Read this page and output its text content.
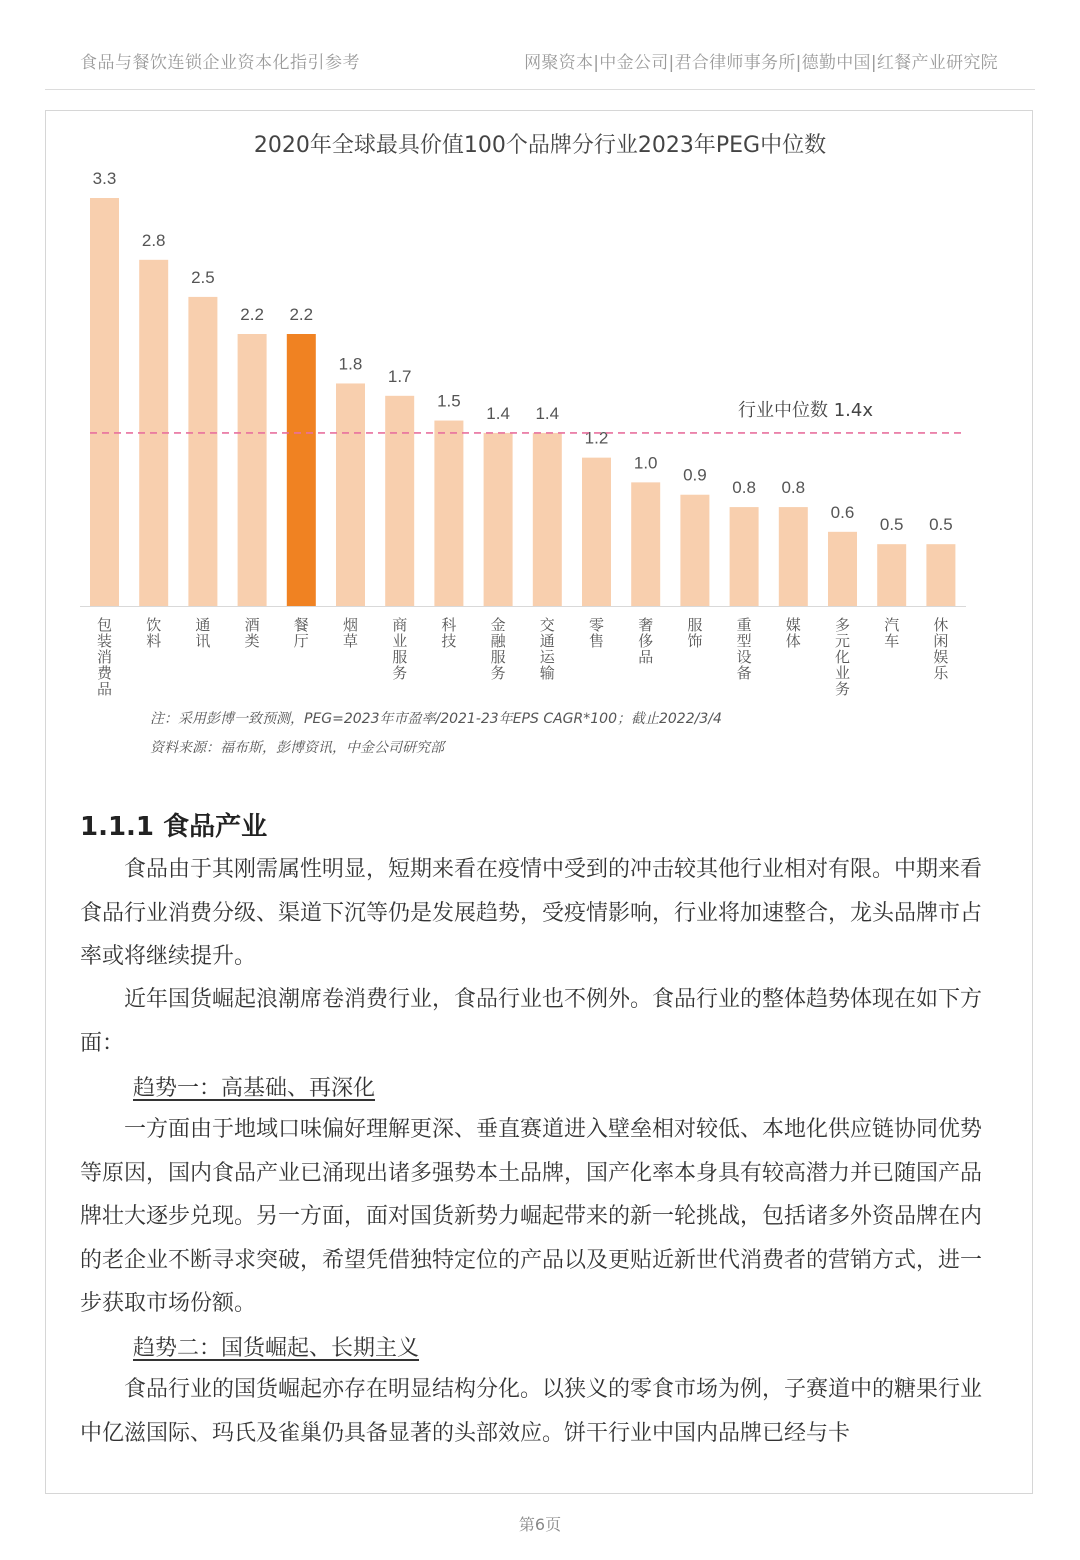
食品与餐饮连锁企业资本化指引参考	网聚资本|中金公司|君合律师事务所|德勤中国|红餐产业研究院
2020年全球最具价值100个品牌分行业2023年PEG中位数
3.3
包装消费品
2.8
饮料
2.5
通讯
2.2
酒类
2.2
餐厅
1.8
烟草
1.7
商业服务
1.5
科技
1.4
金融服务
1.4
交通运输
1.2
零售
1.0
奢侈品
0.9
服饰
0.8
重型设备
0.8
媒体
0.6
多元化业务
0.5
汽车
0.5
休闲娱乐
行业中位数 1.4x
注：采用彭博一致预测，PEG=2023年市盈率/2021-23年EPS CAGR*100；截止2022/3/4
资料来源：福布斯，彭博资讯，中金公司研究部
1.1.1 食品产业

食品由于其刚需属性明显，短期来看在疫情中受到的冲击较其他行业相对有限。中期来看食品行业消费分级、渠道下沉等仍是发展趋势，受疫情影响，行业将加速整合，龙头品牌市占率或将继续提升。

近年国货崛起浪潮席卷消费行业，食品行业也不例外。食品行业的整体趋势体现在如下方面：

趋势一：高基础、再深化

一方面由于地域口味偏好理解更深、垂直赛道进入壁垒相对较低、本地化供应链协同优势等原因，国内食品产业已涌现出诸多强势本土品牌，国产化率本身具有较高潜力并已随国产品牌壮大逐步兑现。另一方面，面对国货新势力崛起带来的新一轮挑战，包括诸多外资品牌在内的老企业不断寻求突破，希望凭借独特定位的产品以及更贴近新世代消费者的营销方式，进一步获取市场份额。

趋势二：国货崛起、长期主义

食品行业的国货崛起亦存在明显结构分化。以狭义的零食市场为例，子赛道中的糖果行业中亿滋国际、玛氏及雀巢仍具备显著的头部效应。饼干行业中国内品牌已经与卡

第6页
